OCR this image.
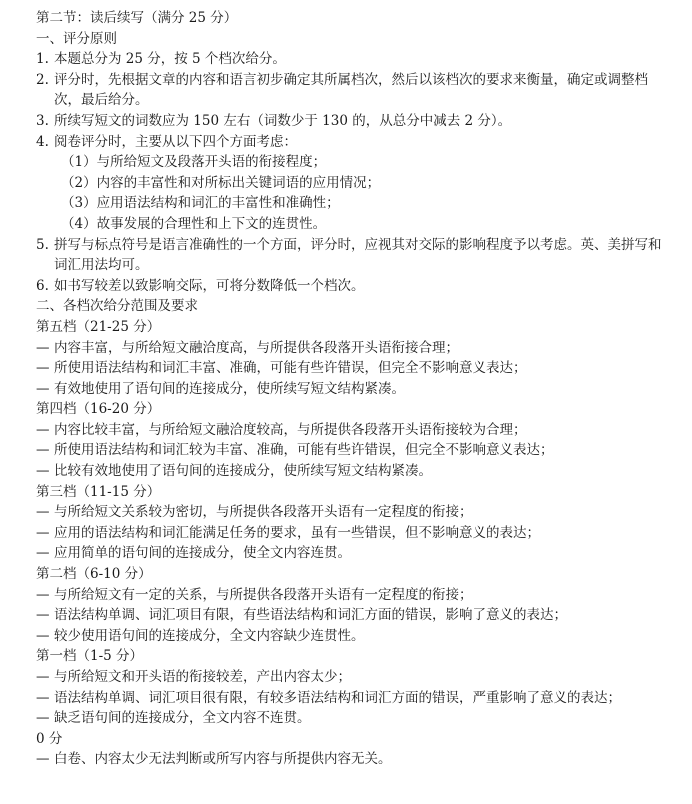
第二节：读后续写（满分 25 分）
一、评分原则
1. 本题总分为 25 分，按 5 个档次给分。
2. 评分时，先根据文章的内容和语言初步确定其所属档次，然后以该档次的要求来衡量，确定或调整档次，最后给分。
3. 所续写短文的词数应为 150 左右（词数少于 130 的，从总分中减去 2 分）。
4. 阅卷评分时，主要从以下四个方面考虑：
（1）与所给短文及段落开头语的衔接程度；
（2）内容的丰富性和对所标出关键词语的应用情况；
（3）应用语法结构和词汇的丰富性和准确性；
（4）故事发展的合理性和上下文的连贯性。
5. 拼写与标点符号是语言准确性的一个方面，评分时，应视其对交际的影响程度予以考虑。英、美拼写和词汇用法均可。
6. 如书写较差以致影响交际，可将分数降低一个档次。
二、各档次给分范围及要求
第五档（21-25 分）
— 内容丰富，与所给短文融洽度高，与所提供各段落开头语衔接合理；
— 所使用语法结构和词汇丰富、准确，可能有些许错误，但完全不影响意义表达；
— 有效地使用了语句间的连接成分，使所续写短文结构紧凑。
第四档（16-20 分）
— 内容比较丰富，与所给短文融洽度较高，与所提供各段落开头语衔接较为合理；
— 所使用语法结构和词汇较为丰富、准确，可能有些许错误，但完全不影响意义表达；
— 比较有效地使用了语句间的连接成分，使所续写短文结构紧凑。
第三档（11-15 分）
— 与所给短文关系较为密切，与所提供各段落开头语有一定程度的衔接；
— 应用的语法结构和词汇能满足任务的要求，虽有一些错误，但不影响意义的表达；
— 应用简单的语句间的连接成分，使全文内容连贯。
第二档（6-10 分）
— 与所给短文有一定的关系，与所提供各段落开头语有一定程度的衔接；
— 语法结构单调、词汇项目有限，有些语法结构和词汇方面的错误，影响了意义的表达；
— 较少使用语句间的连接成分，全文内容缺少连贯性。
第一档（1-5 分）
— 与所给短文和开头语的衔接较差，产出内容太少；
— 语法结构单调、词汇项目很有限，有较多语法结构和词汇方面的错误，严重影响了意义的表达；
— 缺乏语句间的连接成分，全文内容不连贯。
0 分
— 白卷、内容太少无法判断或所写内容与所提供内容无关。
